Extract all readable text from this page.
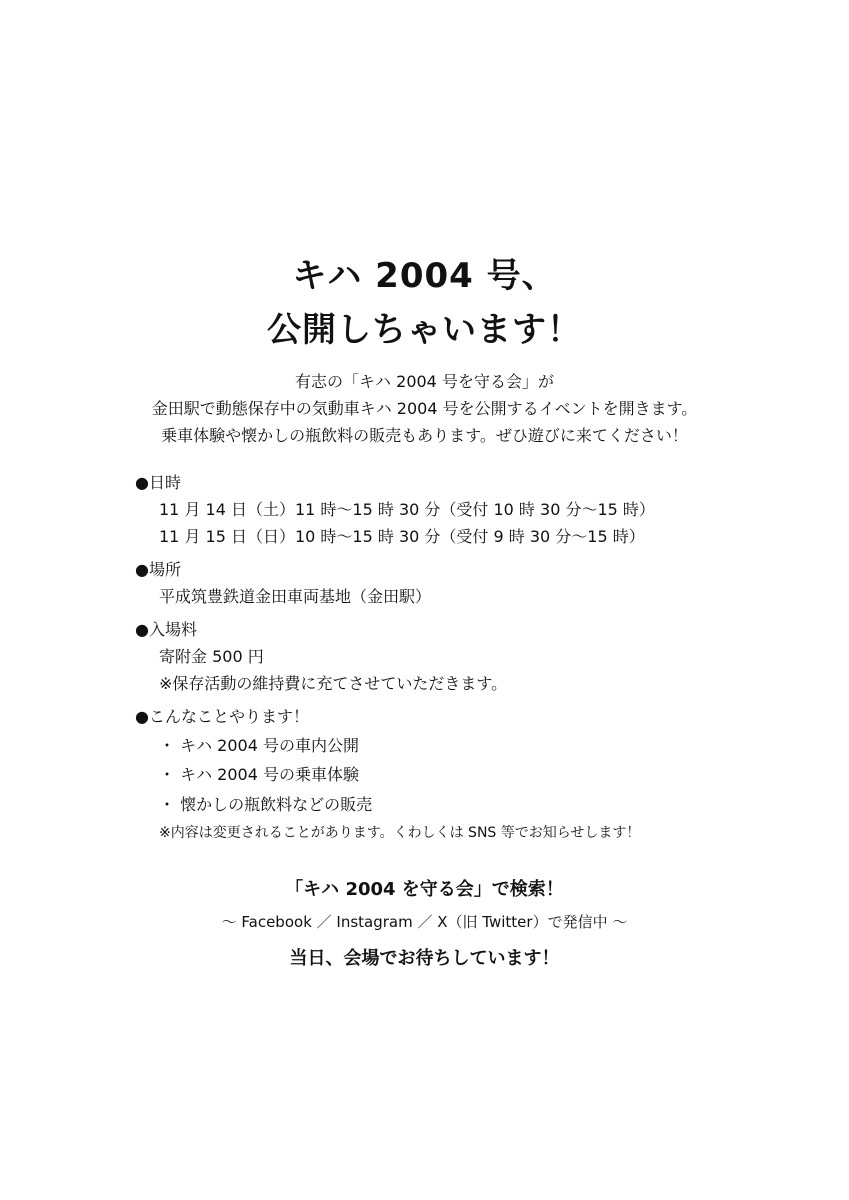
キハ 2004 号、
公開しちゃいます！
有志の「キハ 2004 号を守る会」が
金田駅で動態保存中の気動車キハ 2004 号を公開するイベントを開きます。
乗車体験や懐かしの瓶飲料の販売もあります。ぜひ遊びに来てください！
●日時
11 月 14 日（土）11 時～15 時 30 分（受付 10 時 30 分～15 時）
11 月 15 日（日）10 時～15 時 30 分（受付 9 時 30 分～15 時）
●場所
平成筑豊鉄道金田車両基地（金田駅）
●入場料
寄附金 500 円
※保存活動の維持費に充てさせていただきます。
●こんなことやります！
・ キハ 2004 号の車内公開
・ キハ 2004 号の乗車体験
・ 懐かしの瓶飲料などの販売
※内容は変更されることがあります。くわしくは SNS 等でお知らせします！
「キハ 2004 を守る会」で検索！
～ Facebook ／ Instagram ／ X（旧 Twitter）で発信中 ～
当日、会場でお待ちしています！
